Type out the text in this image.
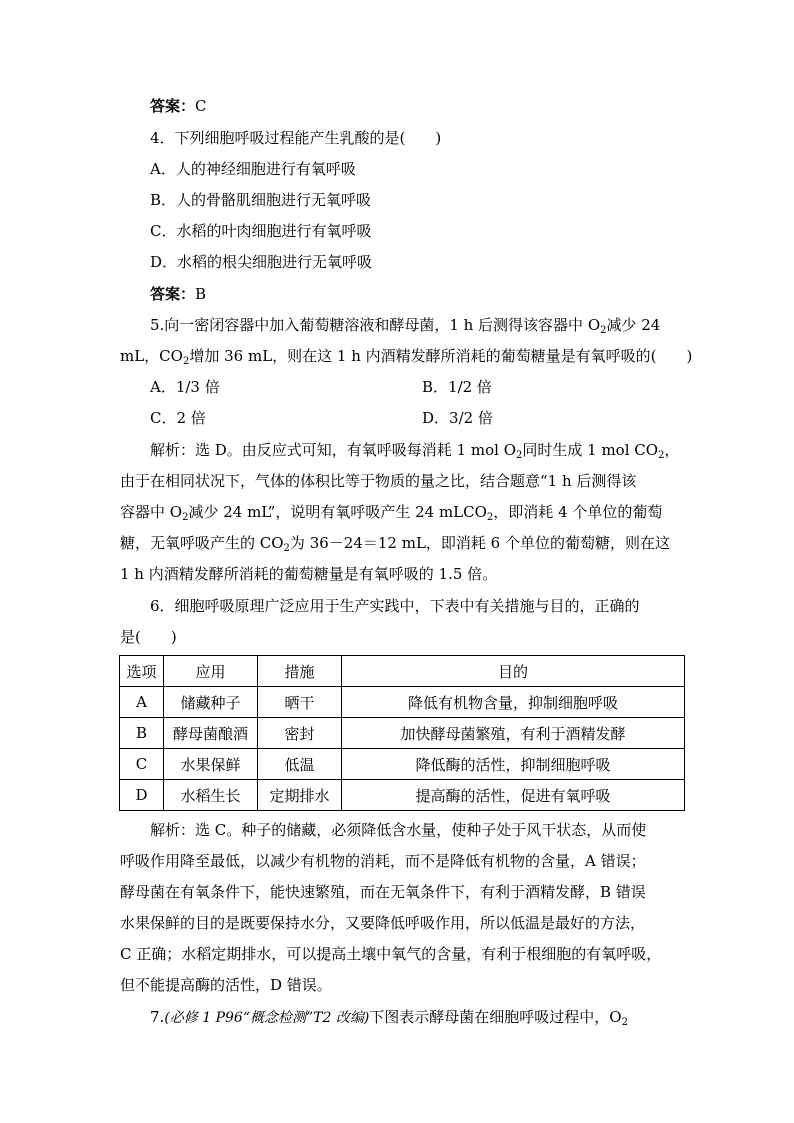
答案：C
4．下列细胞呼吸过程能产生乳酸的是(　　)
A．人的神经细胞进行有氧呼吸
B．人的骨骼肌细胞进行无氧呼吸
C．水稻的叶肉细胞进行有氧呼吸
D．水稻的根尖细胞进行无氧呼吸
答案：B
5.向一密闭容器中加入葡萄糖溶液和酵母菌，1 h 后测得该容器中 $O_2$减少 24
mL，$CO_2$增加 36 mL，则在这 1 h 内酒精发酵所消耗的葡萄糖量是有氧呼吸的(　　)
A．1/3 倍	B．1/2 倍
C．2 倍	D．3/2 倍
解析：选 D。由反应式可知，有氧呼吸每消耗 1 mol $O_2$同时生成 1 mol $CO_2$，
由于在相同状况下，气体的体积比等于物质的量之比，结合题意“1 h 后测得该
容器中 $O_2$减少 24 mL”，说明有氧呼吸产生 24 mLCO$_2$，即消耗 4 个单位的葡萄
糖，无氧呼吸产生的 $CO_2$为 36－24＝12 mL，即消耗 6 个单位的葡萄糖，则在这
1 h 内酒精发酵所消耗的葡萄糖量是有氧呼吸的 1.5 倍。
6．细胞呼吸原理广泛应用于生产实践中，下表中有关措施与目的，正确的
是(　　)
选项	应用	措施	目的
A	储藏种子	晒干	降低有机物含量，抑制细胞呼吸
B	酵母菌酿酒	密封	加快酵母菌繁殖，有利于酒精发酵
C	水果保鲜	低温	降低酶的活性，抑制细胞呼吸
D	水稻生长	定期排水	提高酶的活性，促进有氧呼吸
解析：选 C。种子的储藏，必须降低含水量，使种子处于风干状态，从而使
呼吸作用降至最低，以减少有机物的消耗，而不是降低有机物的含量，A 错误；
酵母菌在有氧条件下，能快速繁殖，而在无氧条件下，有利于酒精发酵，B 错误
水果保鲜的目的是既要保持水分，又要降低呼吸作用，所以低温是最好的方法，
C 正确；水稻定期排水，可以提高土壤中氧气的含量，有利于根细胞的有氧呼吸，
但不能提高酶的活性，D 错误。
7.(必修 1 P96“概念检测”T2 改编)下图表示酵母菌在细胞呼吸过程中，$O_2$
